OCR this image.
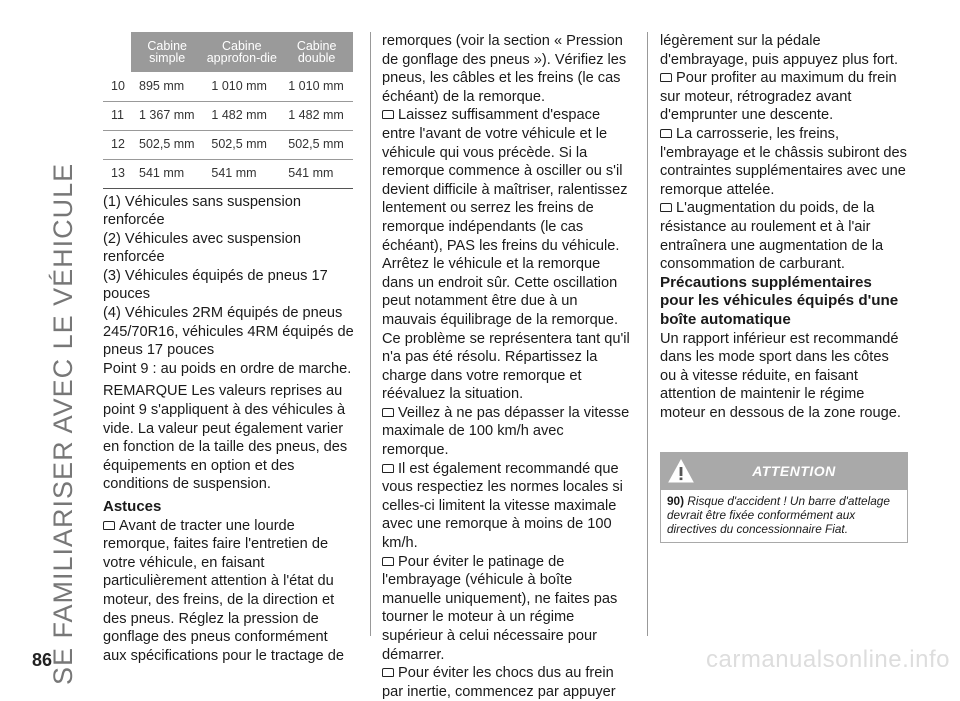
SE FAMILIARISER AVEC LE VÉHICULE
	Cabine simple	Cabine approfon-die	Cabine double
10	895 mm	1 010 mm	1 010 mm
11	1 367 mm	1 482 mm	1 482 mm
12	502,5 mm	502,5 mm	502,5 mm
13	541 mm	541 mm	541 mm

(1) Véhicules sans suspension renforcée

(2) Véhicules avec suspension renforcée

(3) Véhicules équipés de pneus 17 pouces

(4) Véhicules 2RM équipés de pneus 245/70R16, véhicules 4RM équipés de pneus 17 pouces

Point 9 : au poids en ordre de marche.

REMARQUE Les valeurs reprises au point 9 s'appliquent à des véhicules à vide. La valeur peut également varier en fonction de la taille des pneus, des équipements en option et des conditions de suspension.

Astuces

Avant de tracter une lourde remorque, faites faire l'entretien de votre véhicule, en faisant particulièrement attention à l'état du moteur, des freins, de la direction et des pneus. Réglez la pression de gonflage des pneus conformément aux spécifications pour le tractage de

remorques (voir la section « Pression de gonflage des pneus »). Vérifiez les pneus, les câbles et les freins (le cas échéant) de la remorque.

Laissez suffisamment d'espace entre l'avant de votre véhicule et le véhicule qui vous précède. Si la remorque commence à osciller ou s'il devient difficile à maîtriser, ralentissez lentement ou serrez les freins de remorque indépendants (le cas échéant), PAS les freins du véhicule. Arrêtez le véhicule et la remorque dans un endroit sûr. Cette oscillation peut notamment être due à un mauvais équilibrage de la remorque. Ce problème se représentera tant qu'il n'a pas été résolu. Répartissez la charge dans votre remorque et réévaluez la situation.

Veillez à ne pas dépasser la vitesse maximale de 100 km/h avec remorque.

Il est également recommandé que vous respectiez les normes locales si celles-ci limitent la vitesse maximale avec une remorque à moins de 100 km/h.

Pour éviter le patinage de l'embrayage (véhicule à boîte manuelle uniquement), ne faites pas tourner le moteur à un régime supérieur à celui nécessaire pour démarrer.

Pour éviter les chocs dus au frein par inertie, commencez par appuyer

légèrement sur la pédale d'embrayage, puis appuyez plus fort.

Pour profiter au maximum du frein sur moteur, rétrogradez avant d'emprunter une descente.

La carrosserie, les freins, l'embrayage et le châssis subiront des contraintes supplémentaires avec une remorque attelée.

L'augmentation du poids, de la résistance au roulement et à l'air entraînera une augmentation de la consommation de carburant.

Précautions supplémentaires pour les véhicules équipés d'une boîte automatique

Un rapport inférieur est recommandé dans les mode sport dans les côtes ou à vitesse réduite, en faisant attention de maintenir le régime moteur en dessous de la zone rouge.

ATTENTION
90) Risque d'accident ! Un barre d'attelage devrait être fixée conformément aux directives du concessionnaire Fiat.
86	carmanualsonline.info
